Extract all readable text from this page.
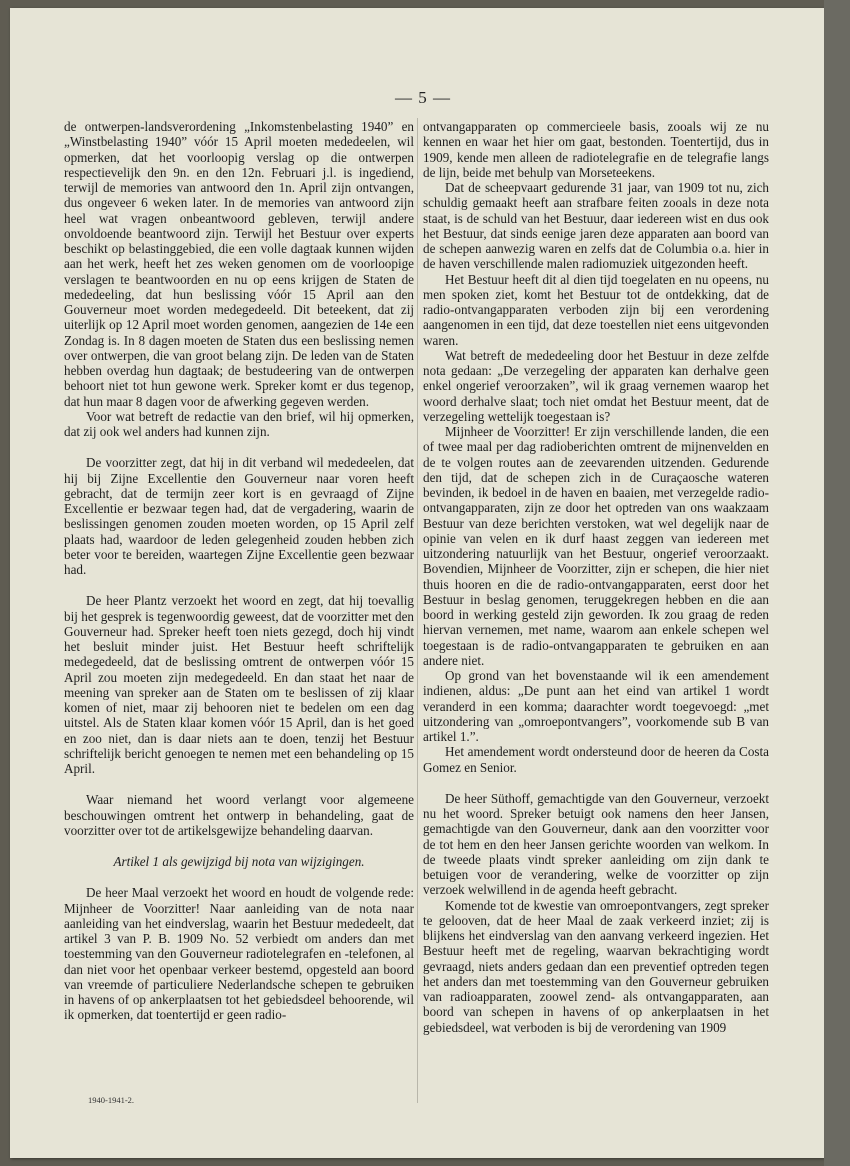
— 5 —

de ontwerpen-landsverordening „Inkomstenbelasting 1940” en „Winstbelasting 1940” vóór 15 April moeten mededeelen, wil opmerken, dat het voorloopig verslag op die ontwerpen respectievelijk den 9n. en den 12n. Februari j.l. is ingediend, terwijl de memories van antwoord den 1n. April zijn ontvangen, dus ongeveer 6 weken later. In de memories van antwoord zijn heel wat vragen onbeantwoord gebleven, terwijl andere onvoldoende beantwoord zijn. Terwijl het Bestuur over experts beschikt op belastinggebied, die een volle dagtaak kunnen wijden aan het werk, heeft het zes weken genomen om de voorloopige verslagen te beantwoorden en nu op eens krijgen de Staten de mededeeling, dat hun beslissing vóór 15 April aan den Gouverneur moet worden medegedeeld. Dit beteekent, dat zij uiterlijk op 12 April moet worden genomen, aangezien de 14e een Zondag is. In 8 dagen moeten de Staten dus een beslissing nemen over ontwerpen, die van groot belang zijn. De leden van de Staten hebben overdag hun dagtaak; de bestudeering van de ontwerpen behoort niet tot hun gewone werk. Spreker komt er dus tegenop, dat hun maar 8 dagen voor de afwerking gegeven werden.

Voor wat betreft de redactie van den brief, wil hij opmerken, dat zij ook wel anders had kunnen zijn.

De voorzitter zegt, dat hij in dit verband wil mededeelen, dat hij bij Zijne Excellentie den Gouverneur naar voren heeft gebracht, dat de termijn zeer kort is en gevraagd of Zijne Excellentie er bezwaar tegen had, dat de vergadering, waarin de beslissingen genomen zouden moeten worden, op 15 April zelf plaats had, waardoor de leden gelegenheid zouden hebben zich beter voor te bereiden, waartegen Zijne Excellentie geen bezwaar had.

De heer Plantz verzoekt het woord en zegt, dat hij toevallig bij het gesprek is tegenwoordig geweest, dat de voorzitter met den Gouverneur had. Spreker heeft toen niets gezegd, doch hij vindt het besluit minder juist. Het Bestuur heeft schriftelijk medegedeeld, dat de beslissing omtrent de ontwerpen vóór 15 April zou moeten zijn medegedeeld. En dan staat het naar de meening van spreker aan de Staten om te beslissen of zij klaar komen of niet, maar zij behooren niet te bedelen om een dag uitstel. Als de Staten klaar komen vóór 15 April, dan is het goed en zoo niet, dan is daar niets aan te doen, tenzij het Bestuur schriftelijk bericht genoegen te nemen met een behandeling op 15 April.

Waar niemand het woord verlangt voor algemeene beschouwingen omtrent het ontwerp in behandeling, gaat de voorzitter over tot de artikelsgewijze behandeling daarvan.

Artikel 1 als gewijzigd bij nota van wijzigingen.

De heer Maal verzoekt het woord en houdt de volgende rede: Mijnheer de Voorzitter! Naar aanleiding van de nota naar aanleiding van het eindverslag, waarin het Bestuur mededeelt, dat artikel 3 van P. B. 1909 No. 52 verbiedt om anders dan met toestemming van den Gouverneur radiotelegrafen en -telefonen, al dan niet voor het openbaar verkeer bestemd, opgesteld aan boord van vreemde of particuliere Nederlandsche schepen te gebruiken in havens of op ankerplaatsen tot het gebiedsdeel behoorende, wil ik opmerken, dat toentertijd er geen radio-

ontvangapparaten op commercieele basis, zooals wij ze nu kennen en waar het hier om gaat, bestonden. Toentertijd, dus in 1909, kende men alleen de radiotelegrafie en de telegrafie langs de lijn, beide met behulp van Morseteekens.

Dat de scheepvaart gedurende 31 jaar, van 1909 tot nu, zich schuldig gemaakt heeft aan strafbare feiten zooals in deze nota staat, is de schuld van het Bestuur, daar iedereen wist en dus ook het Bestuur, dat sinds eenige jaren deze apparaten aan boord van de schepen aanwezig waren en zelfs dat de Columbia o.a. hier in de haven verschillende malen radiomuziek uitgezonden heeft.

Het Bestuur heeft dit al dien tijd toegelaten en nu opeens, nu men spoken ziet, komt het Bestuur tot de ontdekking, dat de radio-ontvangapparaten verboden zijn bij een verordening aangenomen in een tijd, dat deze toestellen niet eens uitgevonden waren.

Wat betreft de mededeeling door het Bestuur in deze zelfde nota gedaan: „De verzegeling der apparaten kan derhalve geen enkel ongerief veroorzaken”, wil ik graag vernemen waarop het woord derhalve slaat; toch niet omdat het Bestuur meent, dat de verzegeling wettelijk toegestaan is?

Mijnheer de Voorzitter! Er zijn verschillende landen, die een of twee maal per dag radioberichten omtrent de mijnenvelden en de te volgen routes aan de zeevarenden uitzenden. Gedurende den tijd, dat de schepen zich in de Curaçaosche wateren bevinden, ik bedoel in de haven en baaien, met verzegelde radio-ontvangapparaten, zijn ze door het optreden van ons waakzaam Bestuur van deze berichten verstoken, wat wel degelijk naar de opinie van velen en ik durf haast zeggen van iedereen met uitzondering natuurlijk van het Bestuur, ongerief veroorzaakt. Bovendien, Mijnheer de Voorzitter, zijn er schepen, die hier niet thuis hooren en die de radio-ontvangapparaten, eerst door het Bestuur in beslag genomen, teruggekregen hebben en die aan boord in werking gesteld zijn geworden. Ik zou graag de reden hiervan vernemen, met name, waarom aan enkele schepen wel toegestaan is de radio-ontvangapparaten te gebruiken en aan andere niet.

Op grond van het bovenstaande wil ik een amendement indienen, aldus: „De punt aan het eind van artikel 1 wordt veranderd in een komma; daarachter wordt toegevoegd: „met uitzondering van „omroepontvangers”, voorkomende sub B van artikel 1.”.

Het amendement wordt ondersteund door de heeren da Costa Gomez en Senior.

De heer Süthoff, gemachtigde van den Gouverneur, verzoekt nu het woord. Spreker betuigt ook namens den heer Jansen, gemachtigde van den Gouverneur, dank aan den voorzitter voor de tot hem en den heer Jansen gerichte woorden van welkom. In de tweede plaats vindt spreker aanleiding om zijn dank te betuigen voor de verandering, welke de voorzitter op zijn verzoek welwillend in de agenda heeft gebracht.

Komende tot de kwestie van omroepontvangers, zegt spreker te gelooven, dat de heer Maal de zaak verkeerd inziet; zij is blijkens het eindverslag van den aanvang verkeerd ingezien. Het Bestuur heeft met de regeling, waarvan bekrachtiging wordt gevraagd, niets anders gedaan dan een preventief optreden tegen het anders dan met toestemming van den Gouverneur gebruiken van radioapparaten, zoowel zend- als ontvangapparaten, aan boord van schepen in havens of op ankerplaatsen in het gebiedsdeel, wat verboden is bij de verordening van 1909

1940-1941-2.
